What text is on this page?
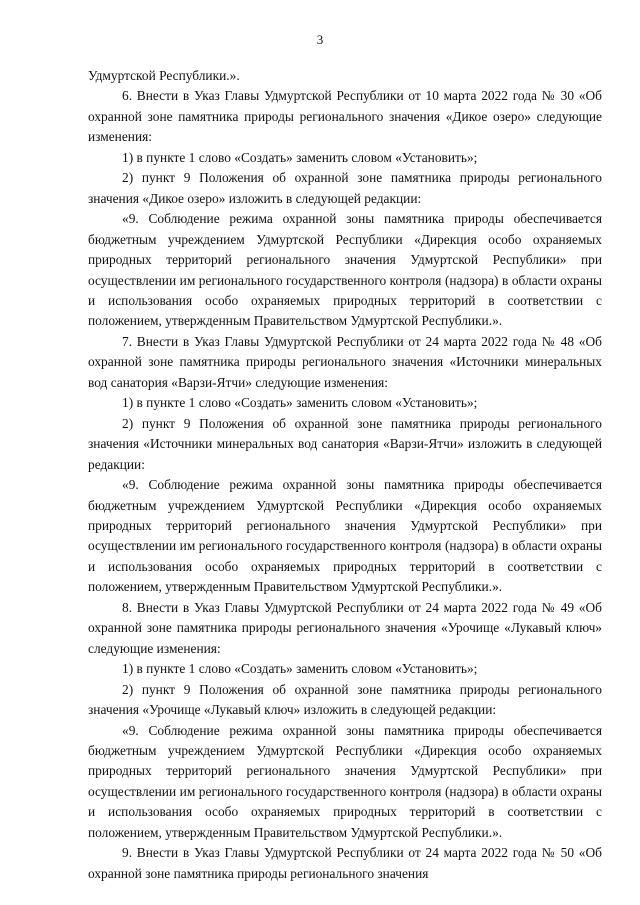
3

Удмуртской Республики.».

6. Внести в Указ Главы Удмуртской Республики от 10 марта 2022 года № 30 «Об охранной зоне памятника природы регионального значения «Дикое озеро» следующие изменения:

1) в пункте 1 слово «Создать» заменить словом «Установить»;

2) пункт 9 Положения об охранной зоне памятника природы регионального значения «Дикое озеро» изложить в следующей редакции:

«9. Соблюдение режима охранной зоны памятника природы обеспечивается бюджетным учреждением Удмуртской Республики «Дирекция особо охраняемых природных территорий регионального значения Удмуртской Республики» при осуществлении им регионального государственного контроля (надзора) в области охраны и использования особо охраняемых природных территорий в соответствии с положением, утвержденным Правительством Удмуртской Республики.».

7. Внести в Указ Главы Удмуртской Республики от 24 марта 2022 года № 48 «Об охранной зоне памятника природы регионального значения «Источники минеральных вод санатория «Варзи-Ятчи» следующие изменения:

1) в пункте 1 слово «Создать» заменить словом «Установить»;

2) пункт 9 Положения об охранной зоне памятника природы регионального значения «Источники минеральных вод санатория «Варзи-Ятчи» изложить в следующей редакции:

«9. Соблюдение режима охранной зоны памятника природы обеспечивается бюджетным учреждением Удмуртской Республики «Дирекция особо охраняемых природных территорий регионального значения Удмуртской Республики» при осуществлении им регионального государственного контроля (надзора) в области охраны и использования особо охраняемых природных территорий в соответствии с положением, утвержденным Правительством Удмуртской Республики.».

8. Внести в Указ Главы Удмуртской Республики от 24 марта 2022 года № 49 «Об охранной зоне памятника природы регионального значения «Урочище «Лукавый ключ» следующие изменения:

1) в пункте 1 слово «Создать» заменить словом «Установить»;

2) пункт 9 Положения об охранной зоне памятника природы регионального значения «Урочище «Лукавый ключ» изложить в следующей редакции:

«9. Соблюдение режима охранной зоны памятника природы обеспечивается бюджетным учреждением Удмуртской Республики «Дирекция особо охраняемых природных территорий регионального значения Удмуртской Республики» при осуществлении им регионального государственного контроля (надзора) в области охраны и использования особо охраняемых природных территорий в соответствии с положением, утвержденным Правительством Удмуртской Республики.».

9. Внести в Указ Главы Удмуртской Республики от 24 марта 2022 года № 50 «Об охранной зоне памятника природы регионального значения
